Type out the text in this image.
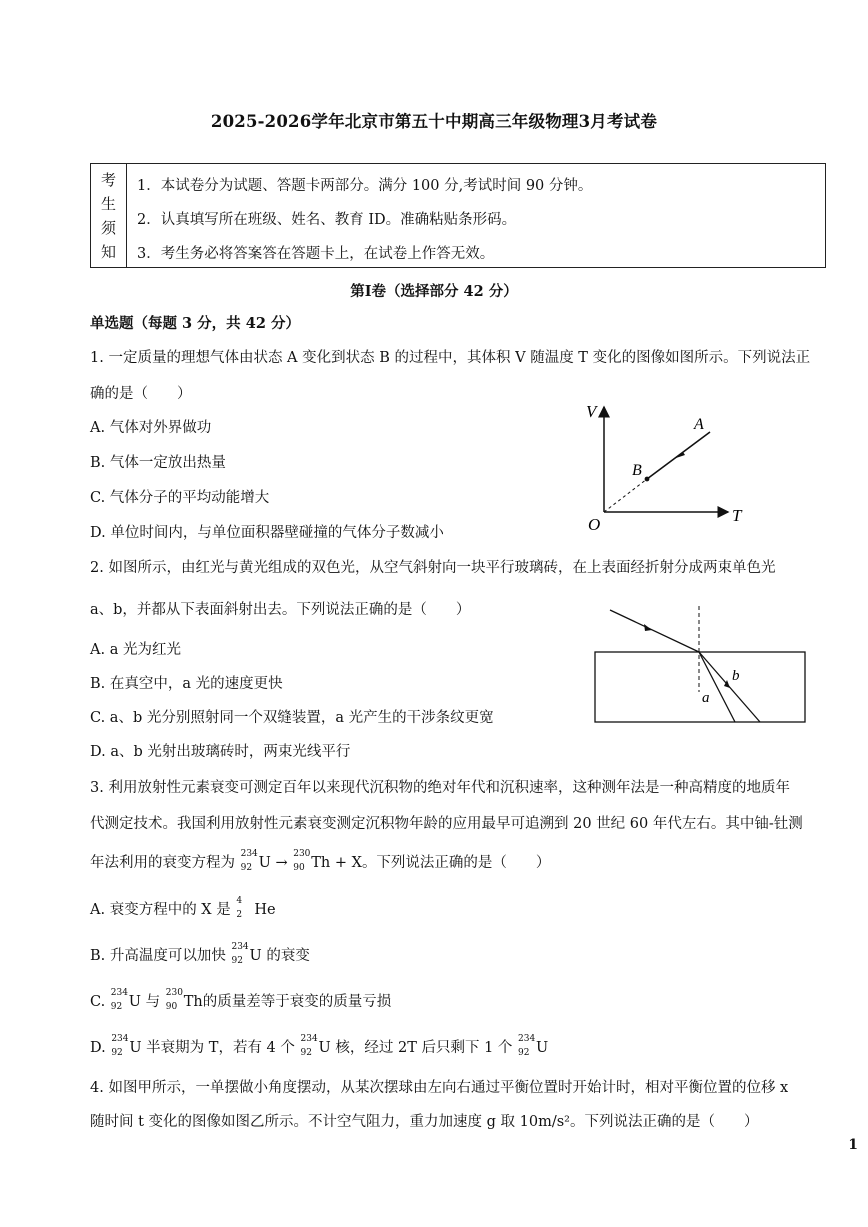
2025-2026学年北京市第五十中期高三年级物理3月考试卷
考
生
须
知
1．本试卷分为试题、答题卡两部分。满分 100 分,考试时间 90 分钟。
2．认真填写所在班级、姓名、教育 ID。准确粘贴条形码。
3．考生务必将答案答在答题卡上，在试卷上作答无效。
第Ⅰ卷（选择部分 42 分）
单选题（每题 3 分，共 42 分）
1. 一定质量的理想气体由状态 A 变化到状态 B 的过程中，其体积 V 随温度 T 变化的图像如图所示。下列说法正
确的是（　　）
A. 气体对外界做功
B. 气体一定放出热量
C. 气体分子的平均动能增大
D. 单位时间内，与单位面积器壁碰撞的气体分子数减小
V
T
O
A
B
2. 如图所示，由红光与黄光组成的双色光，从空气斜射向一块平行玻璃砖，在上表面经折射分成两束单色光
a、b，并都从下表面斜射出去。下列说法正确的是（　　）
A. a 光为红光
B. 在真空中，a 光的速度更快
C. a、b 光分别照射同一个双缝装置，a 光产生的干涉条纹更宽
D. a、b 光射出玻璃砖时，两束光线平行
a
b
3. 利用放射性元素衰变可测定百年以来现代沉积物的绝对年代和沉积速率，这种测年法是一种高精度的地质年
代测定技术。我国利用放射性元素衰变测定沉积物年龄的应用最早可追溯到 20 世纪 60 年代左右。其中铀-钍测
年法利用的衰变方程为
234
92 U →
230
90 Th + X。下列说法正确的是（　　）
A. 衰变方程中的 X 是
4
2 He
B. 升高温度可以加快
234
92 U 的衰变
C.
234
92 U 与
230
90 Th的质量差等于衰变的质量亏损
D.
234
92 U 半衰期为 T，若有 4 个
234
92 U 核，经过 2T 后只剩下 1 个
234
92 U
4. 如图甲所示，一单摆做小角度摆动，从某次摆球由左向右通过平衡位置时开始计时，相对平衡位置的位移 x
随时间 t 变化的图像如图乙所示。不计空气阻力，重力加速度 g 取 10m/s²。下列说法正确的是（　　）
1
